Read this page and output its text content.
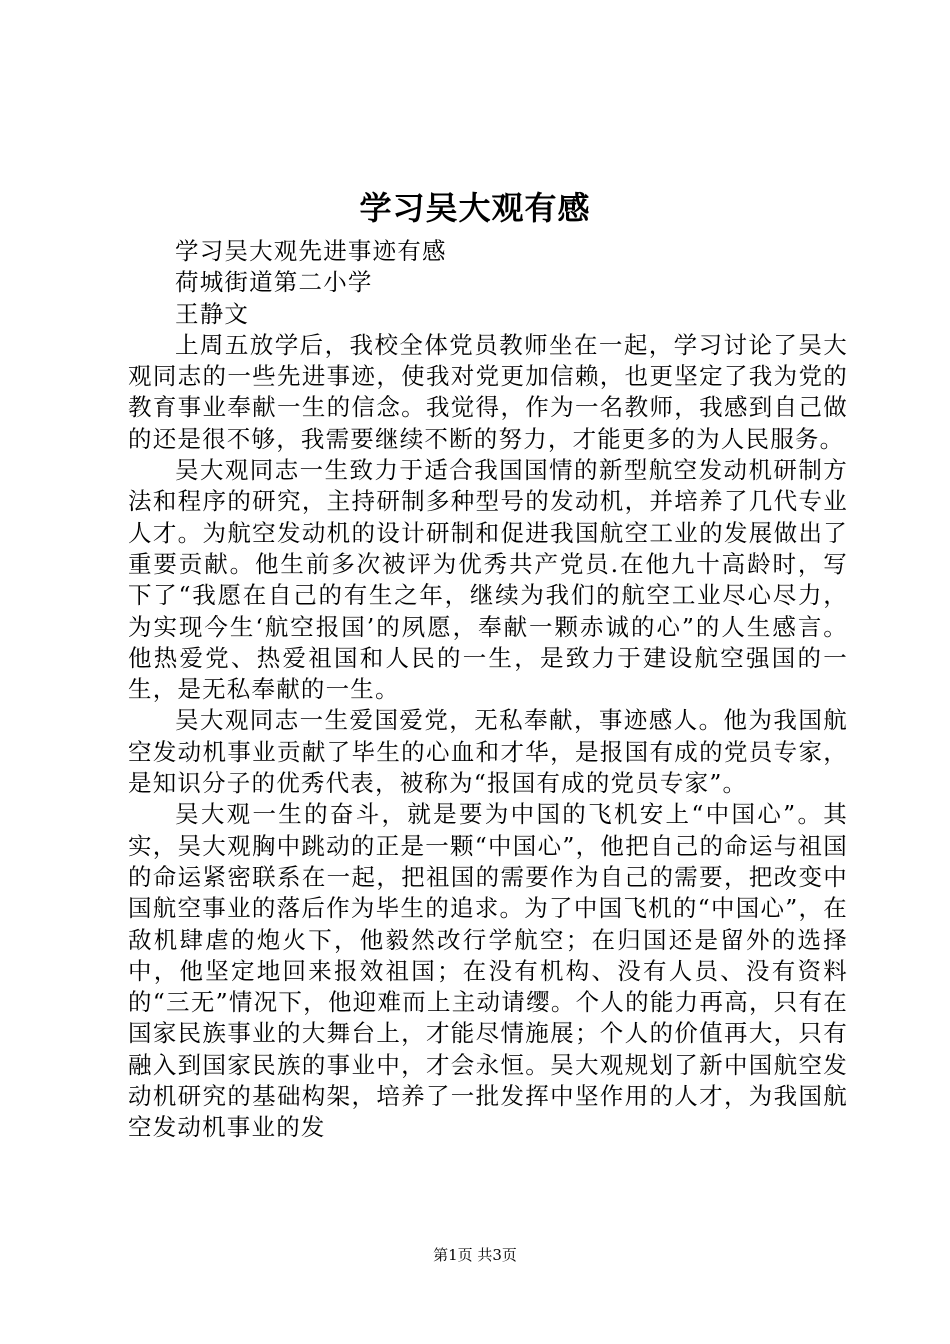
学习吴大观有感

学习吴大观先进事迹有感

荷城街道第二小学

王静文

上周五放学后，我校全体党员教师坐在一起，学习讨论了吴大观同志的一些先进事迹，使我对党更加信赖，也更坚定了我为党的教育事业奉献一生的信念。我觉得，作为一名教师，我感到自己做的还是很不够，我需要继续不断的努力，才能更多的为人民服务。

吴大观同志一生致力于适合我国国情的新型航空发动机研制方法和程序的研究，主持研制多种型号的发动机，并培养了几代专业人才。为航空发动机的设计研制和促进我国航空工业的发展做出了重要贡献。他生前多次被评为优秀共产党员.在他九十高龄时，写下了“我愿在自己的有生之年，继续为我们的航空工业尽心尽力，为实现今生‘航空报国’的夙愿，奉献一颗赤诚的心”的人生感言。他热爱党、热爱祖国和人民的一生，是致力于建设航空强国的一生，是无私奉献的一生。

吴大观同志一生爱国爱党，无私奉献，事迹感人。他为我国航空发动机事业贡献了毕生的心血和才华，是报国有成的党员专家，是知识分子的优秀代表，被称为“报国有成的党员专家”。

吴大观一生的奋斗，就是要为中国的飞机安上“中国心”。其实，吴大观胸中跳动的正是一颗“中国心”，他把自己的命运与祖国的命运紧密联系在一起，把祖国的需要作为自己的需要，把改变中国航空事业的落后作为毕生的追求。为了中国飞机的“中国心”，在敌机肆虐的炮火下，他毅然改行学航空；在归国还是留外的选择中，他坚定地回来报效祖国；在没有机构、没有人员、没有资料的“三无”情况下，他迎难而上主动请缨。个人的能力再高，只有在国家民族事业的大舞台上，才能尽情施展；个人的价值再大，只有融入到国家民族的事业中，才会永恒。吴大观规划了新中国航空发动机研究的基础构架，培养了一批发挥中坚作用的人才，为我国航空发动机事业的发

第1页 共3页
